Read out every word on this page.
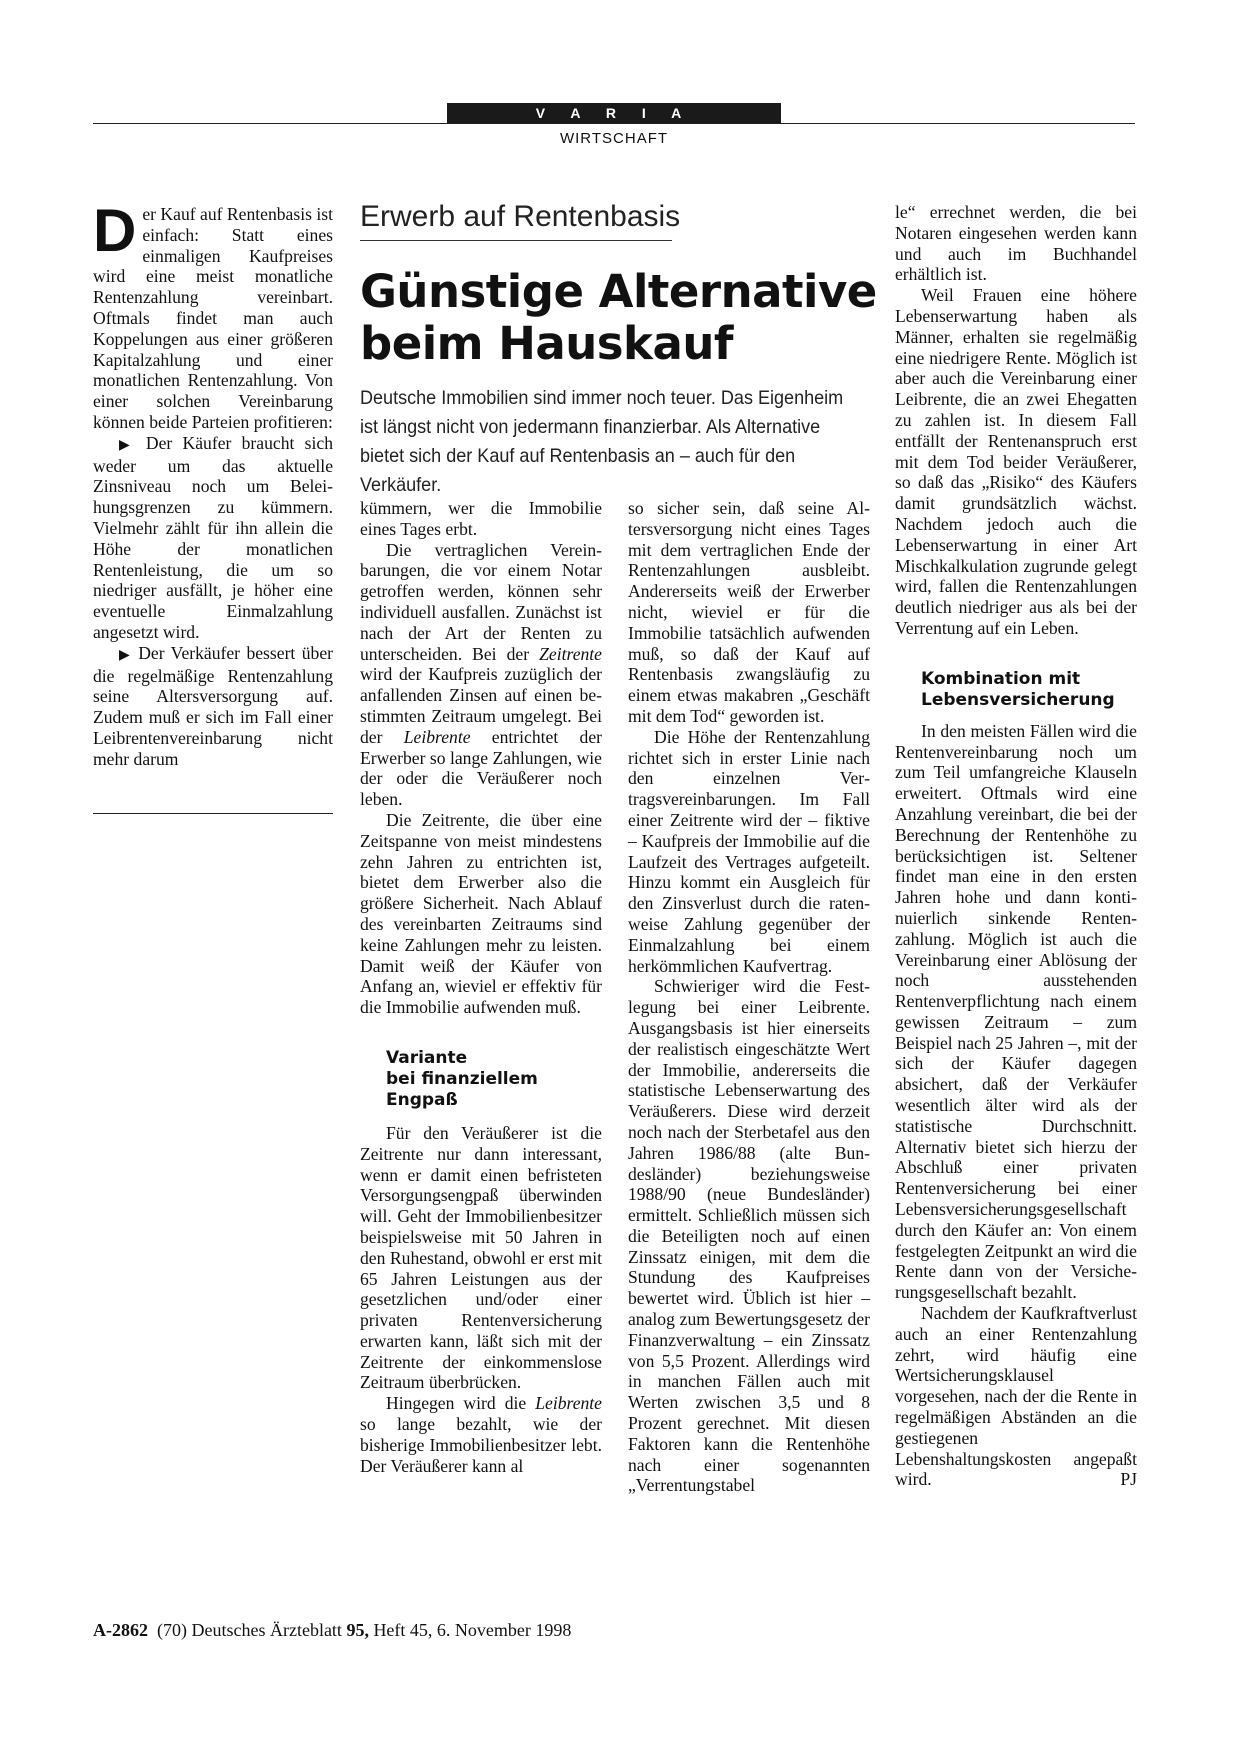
V A R I A
WIRTSCHAFT

Der Kauf auf Rentenbasis ist einfach: Statt eines einmaligen Kaufpreises wird eine meist monatliche Rentenzahlung vereinbart. Oftmals findet man auch Koppelungen aus einer größeren Kapitalzahlung und einer monatlichen Rentenzahlung. Von einer solchen Vereinbarung können beide Parteien profitieren:

▶ Der Käufer braucht sich weder um das aktuelle Zinsniveau noch um Beleihungsgrenzen zu kümmern. Vielmehr zählt für ihn allein die Höhe der monatlichen Rentenleistung, die um so niedriger ausfällt, je höher eine eventuelle Einmalzahlung angesetzt wird.

▶ Der Verkäufer bessert über die regelmäßige Rentenzahlung seine Altersversorgung auf. Zudem muß er sich im Fall einer Leibrentenvereinbarung nicht mehr darum

Erwerb auf Rentenbasis
Günstige Alternative
beim Hauskauf

Deutsche Immobilien sind immer noch teuer. Das Eigenheim ist längst nicht von jedermann finanzierbar. Als Alternative bietet sich der Kauf auf Rentenbasis an – auch für den Verkäufer.

kümmern, wer die Immobilie eines Tages erbt.

Die vertraglichen Vereinbarungen, die vor einem Notar getroffen werden, können sehr individuell ausfallen. Zunächst ist nach der Art der Renten zu unterscheiden. Bei der Zeitrente wird der Kaufpreis zuzüglich der anfallenden Zinsen auf einen bestimmten Zeitraum umgelegt. Bei der Leibrente entrichtet der Erwerber so lange Zahlungen, wie der oder die Veräußerer noch leben.

Die Zeitrente, die über eine Zeitspanne von meist mindestens zehn Jahren zu entrichten ist, bietet dem Erwerber also die größere Sicherheit. Nach Ablauf des vereinbarten Zeitraums sind keine Zahlungen mehr zu leisten. Damit weiß der Käufer von Anfang an, wieviel er effektiv für die Immobilie aufwenden muß.

Variante
bei finanziellem
Engpaß

Für den Veräußerer ist die Zeitrente nur dann interessant, wenn er damit einen befristeten Versorgungsengpaß überwinden will. Geht der Immobilienbesitzer beispielsweise mit 50 Jahren in den Ruhestand, obwohl er erst mit 65 Jahren Leistungen aus der gesetzlichen und/oder einer privaten Rentenversicherung erwarten kann, läßt sich mit der Zeitrente der einkommenslose Zeitraum überbrücken.

Hingegen wird die Leibrente so lange bezahlt, wie der bisherige Immobilienbesitzer lebt. Der Veräußerer kann al

so sicher sein, daß seine Altersversorgung nicht eines Tages mit dem vertraglichen Ende der Rentenzahlungen ausbleibt. Andererseits weiß der Erwerber nicht, wieviel er für die Immobilie tatsächlich aufwenden muß, so daß der Kauf auf Rentenbasis zwangsläufig zu einem etwas makabren „Geschäft mit dem Tod“ geworden ist.

Die Höhe der Rentenzahlung richtet sich in erster Linie nach den einzelnen Vertragsvereinbarungen. Im Fall einer Zeitrente wird der – fiktive – Kaufpreis der Immobilie auf die Laufzeit des Vertrages aufgeteilt. Hinzu kommt ein Ausgleich für den Zinsverlust durch die ratenweise Zahlung gegenüber der Einmalzahlung bei einem herkömmlichen Kaufvertrag.

Schwieriger wird die Festlegung bei einer Leibrente. Ausgangsbasis ist hier einerseits der realistisch eingeschätzte Wert der Immobilie, andererseits die statistische Lebenserwartung des Veräußerers. Diese wird derzeit noch nach der Sterbetafel aus den Jahren 1986/88 (alte Bundesländer) beziehungsweise 1988/90 (neue Bundesländer) ermittelt. Schließlich müssen sich die Beteiligten noch auf einen Zinssatz einigen, mit dem die Stundung des Kaufpreises bewertet wird. Üblich ist hier – analog zum Bewertungsgesetz der Finanzverwaltung – ein Zinssatz von 5,5 Prozent. Allerdings wird in manchen Fällen auch mit Werten zwischen 3,5 und 8 Prozent gerechnet. Mit diesen Faktoren kann die Rentenhöhe nach einer sogenannten „Verrentungstabel

le“ errechnet werden, die bei Notaren eingesehen werden kann und auch im Buchhandel erhältlich ist.

Weil Frauen eine höhere Lebenserwartung haben als Männer, erhalten sie regelmäßig eine niedrigere Rente. Möglich ist aber auch die Vereinbarung einer Leibrente, die an zwei Ehegatten zu zahlen ist. In diesem Fall entfällt der Rentenanspruch erst mit dem Tod beider Veräußerer, so daß das „Risiko“ des Käufers damit grundsätzlich wächst. Nachdem jedoch auch die Lebenserwartung in einer Art Mischkalkulation zugrunde gelegt wird, fallen die Rentenzahlungen deutlich niedriger aus als bei der Verrentung auf ein Leben.

Kombination mit
Lebensversicherung

In den meisten Fällen wird die Rentenvereinbarung noch um zum Teil umfangreiche Klauseln erweitert. Oftmals wird eine Anzahlung vereinbart, die bei der Berechnung der Rentenhöhe zu berücksichtigen ist. Seltener findet man eine in den ersten Jahren hohe und dann kontinuierlich sinkende Rentenzahlung. Möglich ist auch die Vereinbarung einer Ablösung der noch ausstehenden Rentenverpflichtung nach einem gewissen Zeitraum – zum Beispiel nach 25 Jahren –, mit der sich der Käufer dagegen absichert, daß der Verkäufer wesentlich älter wird als der statistische Durchschnitt. Alternativ bietet sich hierzu der Abschluß einer privaten Rentenversicherung bei einer Lebensversicherungsgesellschaft durch den Käufer an: Von einem festgelegten Zeitpunkt an wird die Rente dann von der Versicherungsgesellschaft bezahlt.

Nachdem der Kaufkraftverlust auch an einer Rentenzahlung zehrt, wird häufig eine Wertsicherungsklausel vorgesehen, nach der die Rente in regelmäßigen Abständen an die gestiegenen Lebenshaltungskosten angepaßt wird.	PJ

A-2862  (70) Deutsches Ärzteblatt 95, Heft 45, 6. November 1998
